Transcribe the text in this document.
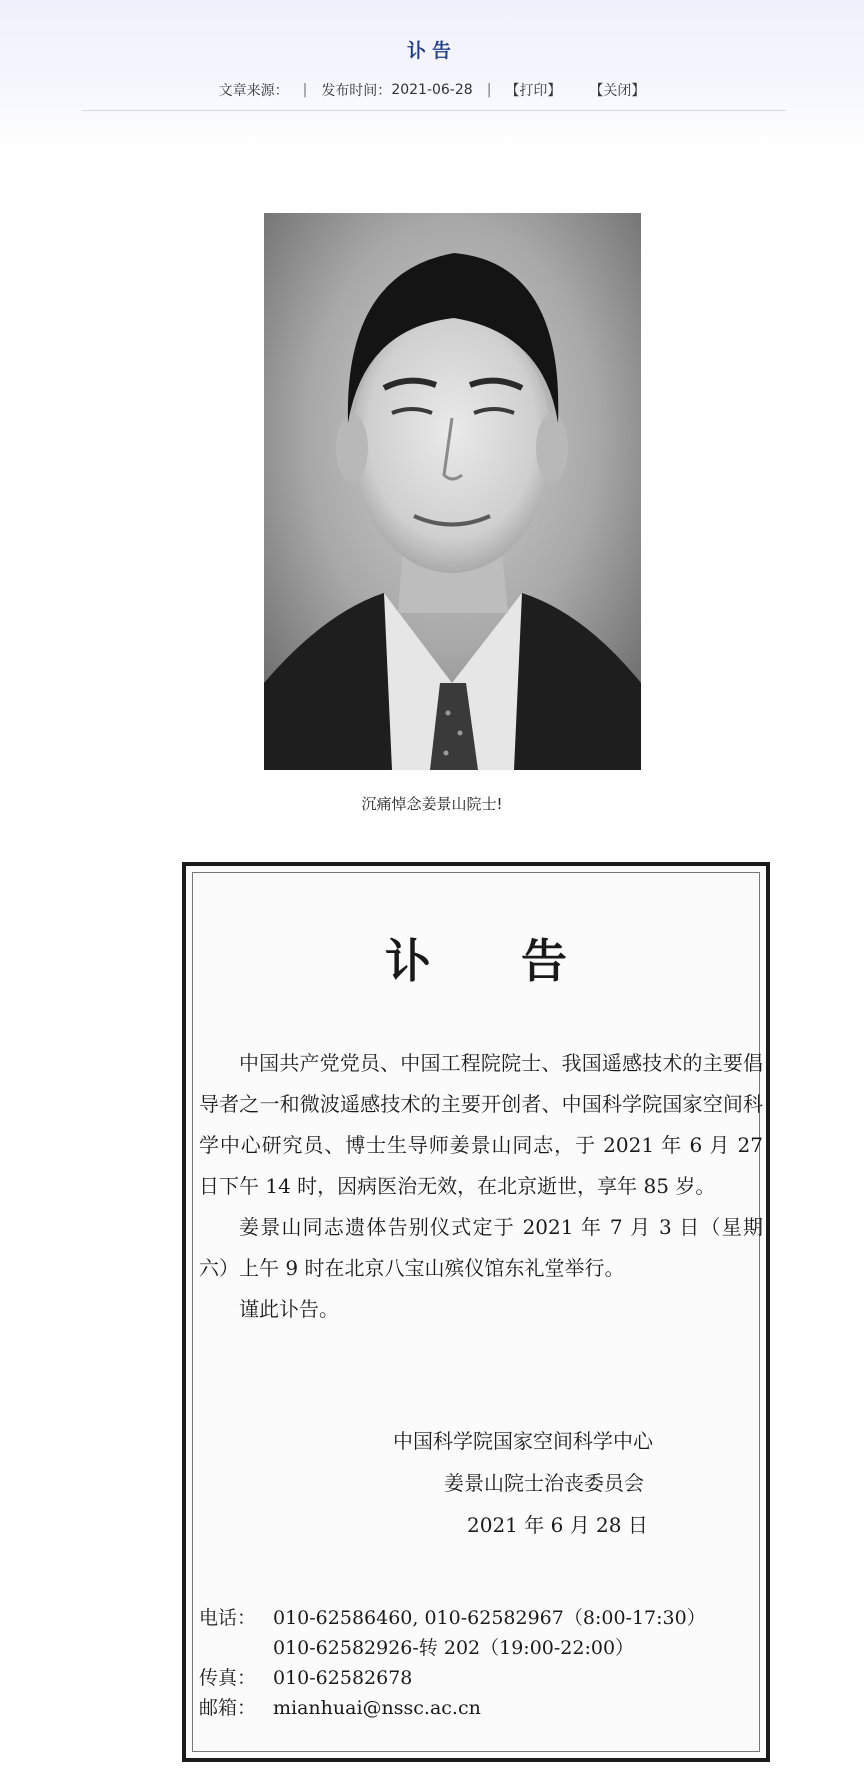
讣告
文章来源： | 发布时间： 2021-06-28 | 【打印】 【关闭】
沉痛悼念姜景山院士!
讣告

中国共产党党员、中国工程院院士、我国遥感技术的主要倡导者之一和微波遥感技术的主要开创者、中国科学院国家空间科学中心研究员、博士生导师姜景山同志，于 2021 年 6 月 27 日下午 14 时，因病医治无效，在北京逝世，享年 85 岁。

姜景山同志遗体告别仪式定于 2021 年 7 月 3 日（星期六）上午 9 时在北京八宝山殡仪馆东礼堂举行。

谨此讣告。

中国科学院国家空间科学中心
姜景山院士治丧委员会
2021 年 6 月 28 日
电话： 010-62586460, 010-62582967（8:00-17:30）
010-62582926-转 202（19:00-22:00）
传真： 010-62582678
邮箱： mianhuai@nssc.ac.cn
